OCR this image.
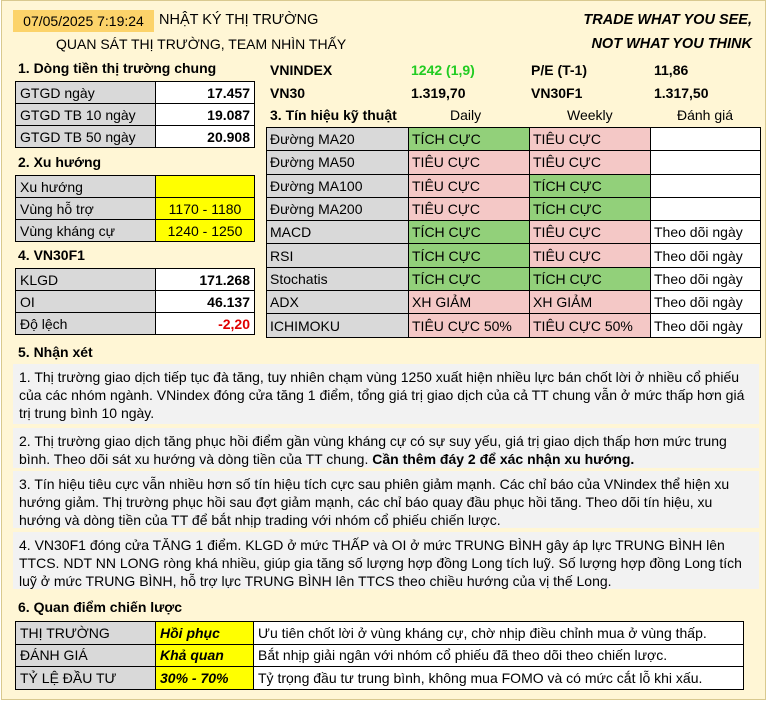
07/05/2025 7:19:24	NHẬT KÝ THỊ TRƯỜNG
QUAN SÁT THỊ TRƯỜNG, TEAM NHÌN THẤY
TRADE WHAT YOU SEE,
NOT WHAT YOU THINK
1. Dòng tiền thị trường chung
GTGD ngày	17.457
GTGD TB 10 ngày	19.087
GTGD TB 50 ngày	20.908
2. Xu hướng
Xu hướng	
Vùng hỗ trợ	1170 - 1180
Vùng kháng cự	1240 - 1250
4. VN30F1
KLGD	171.268
OI	46.137
Độ lệch	-2,20
VNINDEX	1242 (1,9)	P/E (T-1)	11,86
VN30	1.319,70	VN30F1	1.317,50
3. Tín hiệu kỹ thuật	Daily	Weekly	Đánh giá
Đường MA20	TÍCH CỰC	TIÊU CỰC	
Đường MA50	TIÊU CỰC	TIÊU CỰC	
Đường MA100	TIÊU CỰC	TÍCH CỰC	
Đường MA200	TIÊU CỰC	TÍCH CỰC	
MACD	TÍCH CỰC	TIÊU CỰC	Theo dõi ngày
RSI	TÍCH CỰC	TIÊU CỰC	Theo dõi ngày
Stochatis	TÍCH CỰC	TÍCH CỰC	Theo dõi ngày
ADX	XH GIẢM	XH GIẢM	Theo dõi ngày
ICHIMOKU	TIÊU CỰC 50%	TIÊU CỰC 50%	Theo dõi ngày
5. Nhận xét
1. Thị trường giao dịch tiếp tục đà tăng, tuy nhiên chạm vùng 1250 xuất hiện nhiều lực bán chốt lời ở nhiều cổ phiếu của các nhóm ngành. VNindex đóng cửa tăng 1 điểm, tổng giá trị giao dịch của cả TT chung vẫn ở mức thấp hơn giá trị trung bình 10 ngày.
2. Thị trường giao dịch tăng phục hồi điểm gần vùng kháng cự có sự suy yếu, giá trị giao dịch thấp hơn mức trung bình. Theo dõi sát xu hướng và dòng tiền của TT chung. Cần thêm đáy 2 để xác nhận xu hướng.
3. Tín hiệu tiêu cực vẫn nhiều hơn số tín hiệu tích cực sau phiên giảm mạnh. Các chỉ báo của VNindex thể hiện xu hướng giảm. Thị trường phục hồi sau đợt giảm mạnh, các chỉ báo quay đầu phục hồi tăng. Theo dõi tín hiệu, xu hướng và dòng tiền của TT để bắt nhịp trading với nhóm cổ phiếu chiến lược.
4. VN30F1 đóng cửa TĂNG 1 điểm. KLGD ở mức THẤP và OI ở mức TRUNG BÌNH gây áp lực TRUNG BÌNH lên TTCS. NDT NN LONG ròng khá nhiều, giúp gia tăng số lượng hợp đồng Long tích luỹ. Số lượng hợp đồng Long tích luỹ ở mức TRUNG BÌNH, hỗ trợ lực TRUNG BÌNH lên TTCS theo chiều hướng của vị thế Long.
6. Quan điểm chiến lược
THỊ TRƯỜNG	Hồi phục	Ưu tiên chốt lời ở vùng kháng cự, chờ nhịp điều chỉnh mua ở vùng thấp.
ĐÁNH GIÁ	Khả quan	Bắt nhịp giải ngân với nhóm cổ phiếu đã theo dõi theo chiến lược.
TỶ LỆ ĐẦU TƯ	30% - 70%	Tỷ trọng đầu tư trung bình, không mua FOMO và có mức cắt lỗ khi xấu.
